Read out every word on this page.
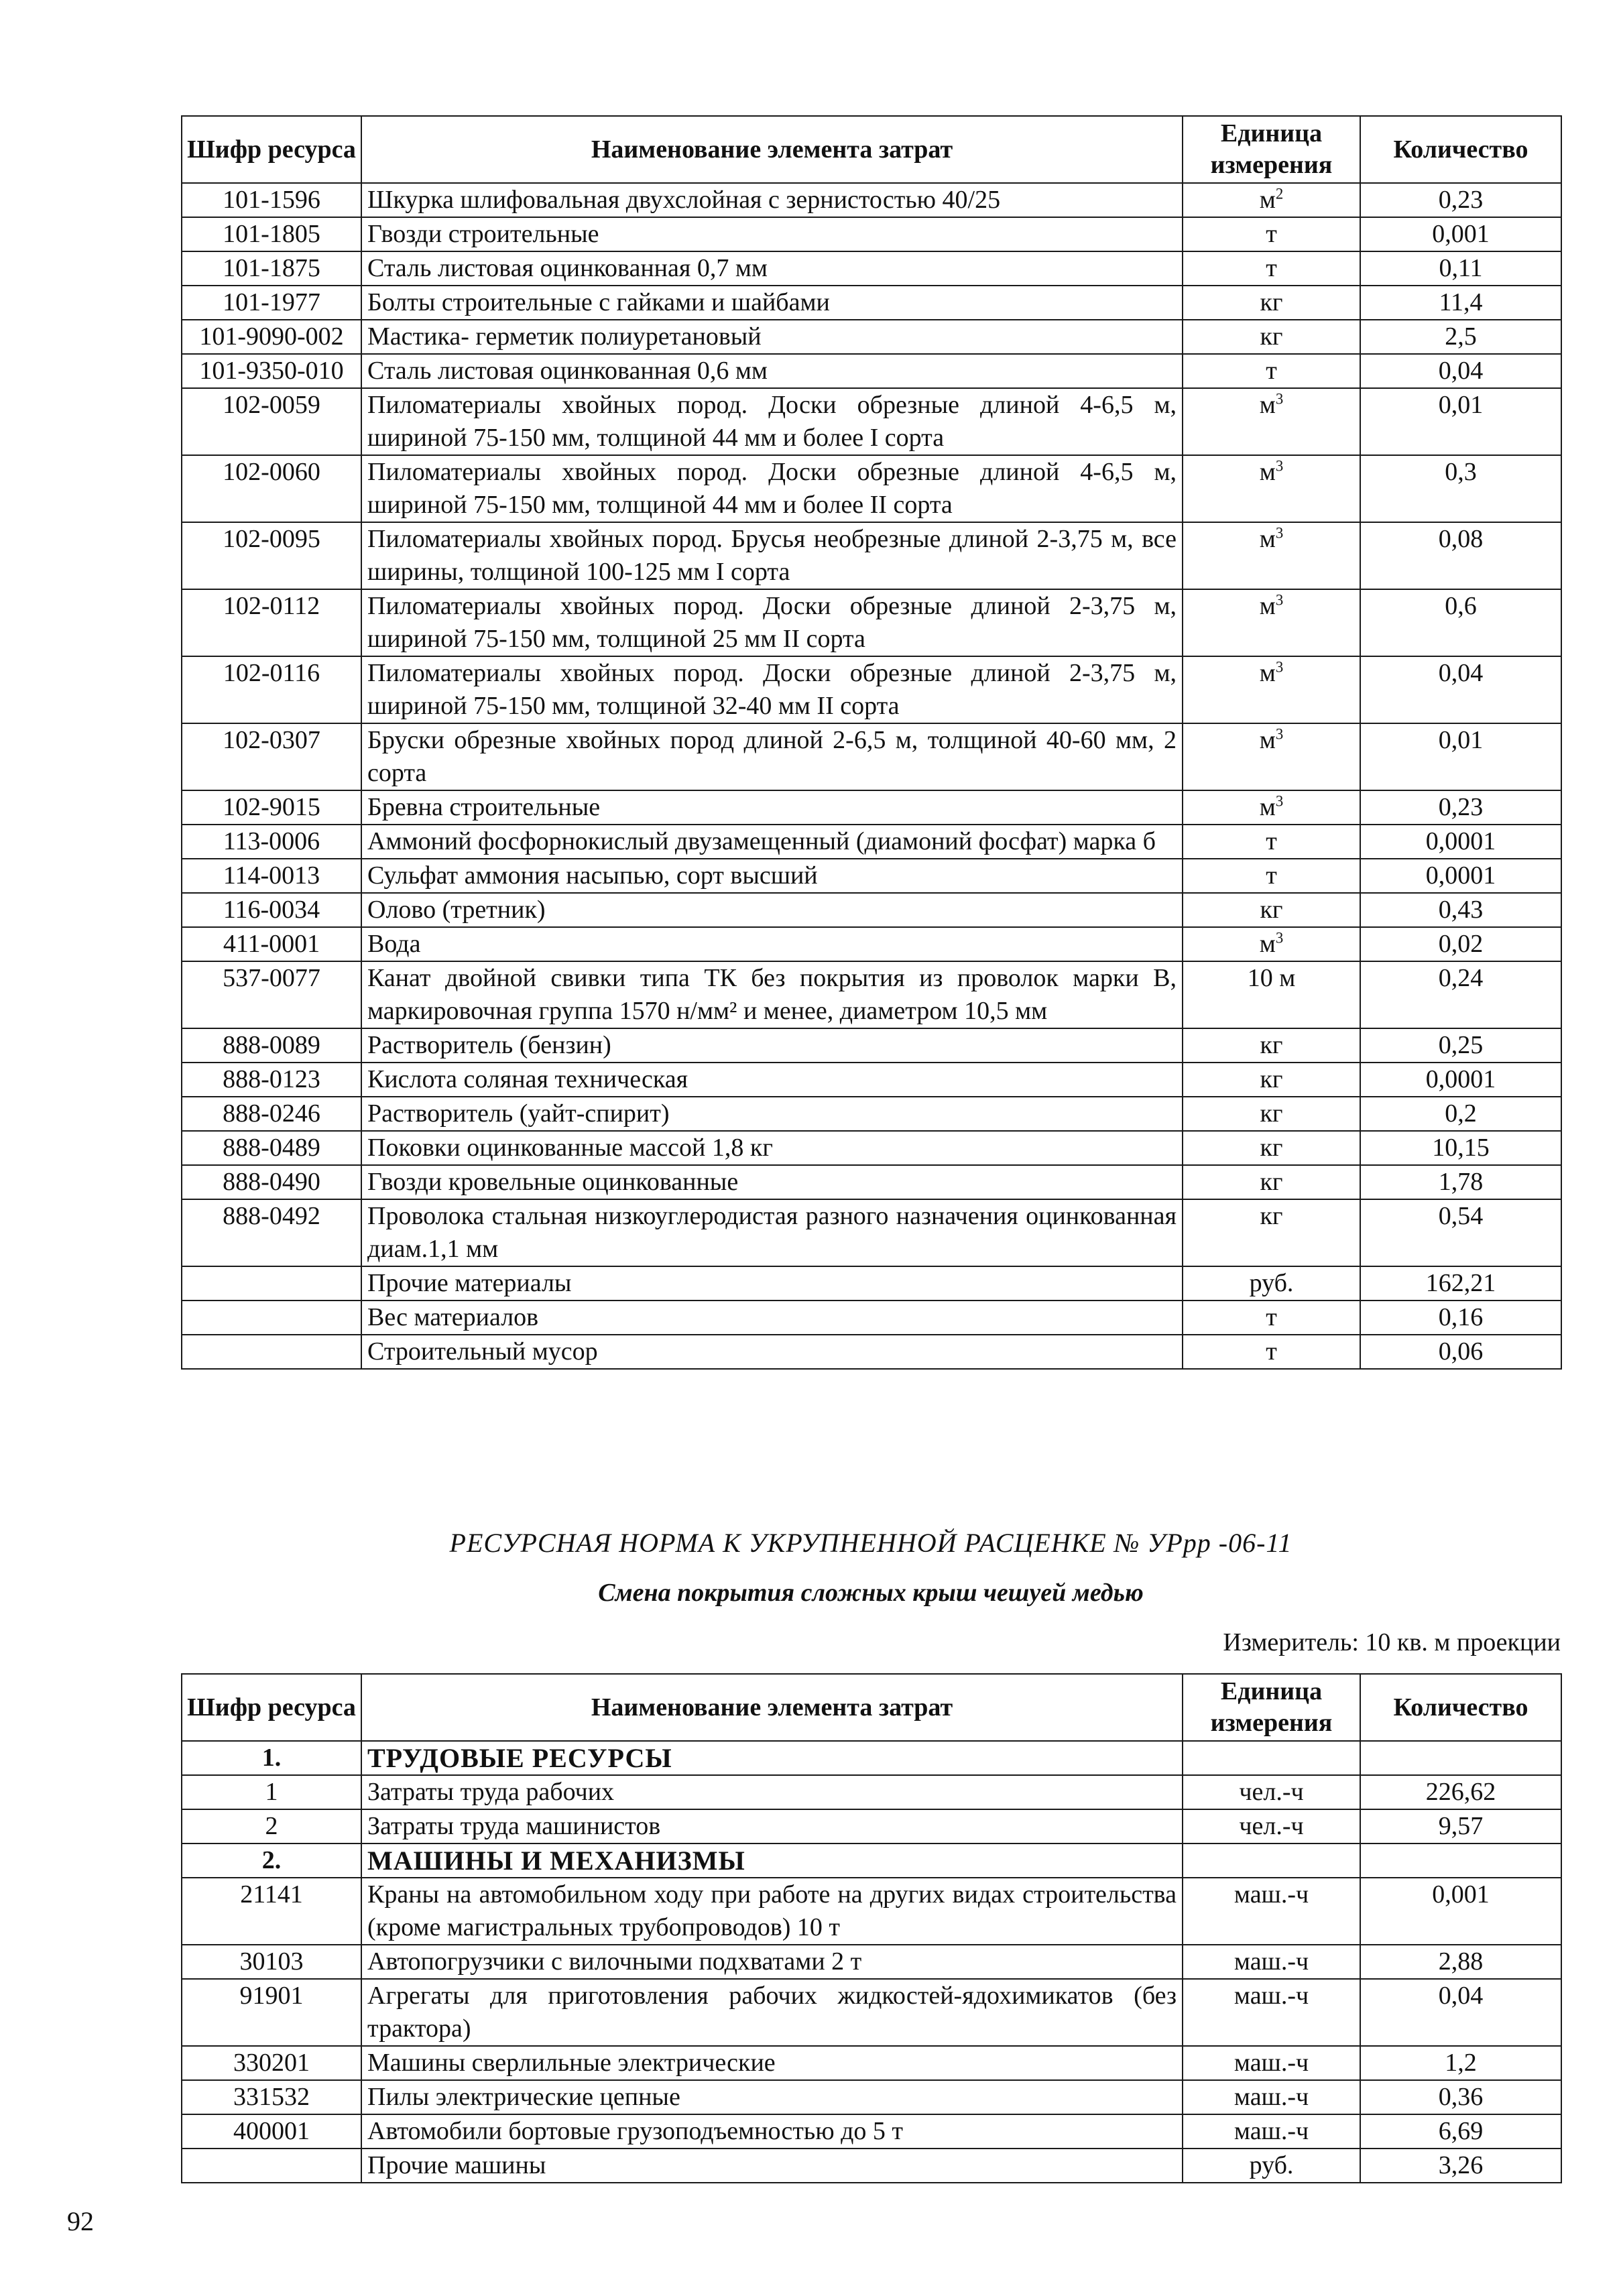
Шифр ресурса	Наименование элемента затрат	Единица измерения	Количество
101-1596	Шкурка шлифовальная двухслойная с зернистостью 40/25	$м^2$	0,23
101-1805	Гвозди строительные	т	0,001
101-1875	Сталь листовая оцинкованная 0,7 мм	т	0,11
101-1977	Болты строительные с гайками и шайбами	кг	11,4
101-9090-002	Мастика- герметик полиуретановый	кг	2,5
101-9350-010	Сталь листовая оцинкованная 0,6 мм	т	0,04
102-0059	Пиломатериалы хвойных пород. Доски обрезные длиной 4-6,5 м, шириной 75-150 мм, толщиной 44 мм и более I сорта	$м^3$	0,01
102-0060	Пиломатериалы хвойных пород. Доски обрезные длиной 4-6,5 м, шириной 75-150 мм, толщиной 44 мм и более II сорта	$м^3$	0,3
102-0095	Пиломатериалы хвойных пород. Брусья необрезные длиной 2-3,75 м, все ширины, толщиной 100-125 мм I сорта	$м^3$	0,08
102-0112	Пиломатериалы хвойных пород. Доски обрезные длиной 2-3,75 м, шириной 75-150 мм, толщиной 25 мм II сорта	$м^3$	0,6
102-0116	Пиломатериалы хвойных пород. Доски обрезные длиной 2-3,75 м, шириной 75-150 мм, толщиной 32-40 мм II сорта	$м^3$	0,04
102-0307	Бруски обрезные хвойных пород длиной 2-6,5 м, толщиной 40-60 мм, 2 сорта	$м^3$	0,01
102-9015	Бревна строительные	$м^3$	0,23
113-0006	Аммоний фосфорнокислый двузамещенный (диамоний фосфат) марка б	т	0,0001
114-0013	Сульфат аммония насыпью, сорт высший	т	0,0001
116-0034	Олово (третник)	кг	0,43
411-0001	Вода	$м^3$	0,02
537-0077	Канат двойной свивки типа ТК без покрытия из проволок марки В, маркировочная группа 1570 н/мм² и менее, диаметром 10,5 мм	10 м	0,24
888-0089	Растворитель (бензин)	кг	0,25
888-0123	Кислота соляная техническая	кг	0,0001
888-0246	Растворитель (уайт-спирит)	кг	0,2
888-0489	Поковки оцинкованные массой 1,8 кг	кг	10,15
888-0490	Гвозди кровельные оцинкованные	кг	1,78
888-0492	Проволока стальная низкоуглеродистая разного назначения оцинкованная диам.1,1 мм	кг	0,54
	Прочие материалы	руб.	162,21
	Вес материалов	т	0,16
	Строительный мусор	т	0,06
РЕСУРСНАЯ НОРМА К УКРУПНЕННОЙ РАСЦЕНКЕ № УРрр -06-11
Смена покрытия сложных крыш чешуей медью
Измеритель: 10 кв. м проекции
Шифр ресурса	Наименование элемента затрат	Единица измерения	Количество
1.	ТРУДОВЫЕ РЕСУРСЫ		
1	Затраты труда рабочих	чел.-ч	226,62
2	Затраты труда машинистов	чел.-ч	9,57
2.	МАШИНЫ И МЕХАНИЗМЫ		
21141	Краны на автомобильном ходу при работе на других видах строительства (кроме магистральных трубопроводов) 10 т	маш.-ч	0,001
30103	Автопогрузчики с вилочными подхватами 2 т	маш.-ч	2,88
91901	Агрегаты для приготовления рабочих жидкостей-ядохимикатов (без трактора)	маш.-ч	0,04
330201	Машины сверлильные электрические	маш.-ч	1,2
331532	Пилы электрические цепные	маш.-ч	0,36
400001	Автомобили бортовые грузоподъемностью до 5 т	маш.-ч	6,69
	Прочие машины	руб.	3,26
92
